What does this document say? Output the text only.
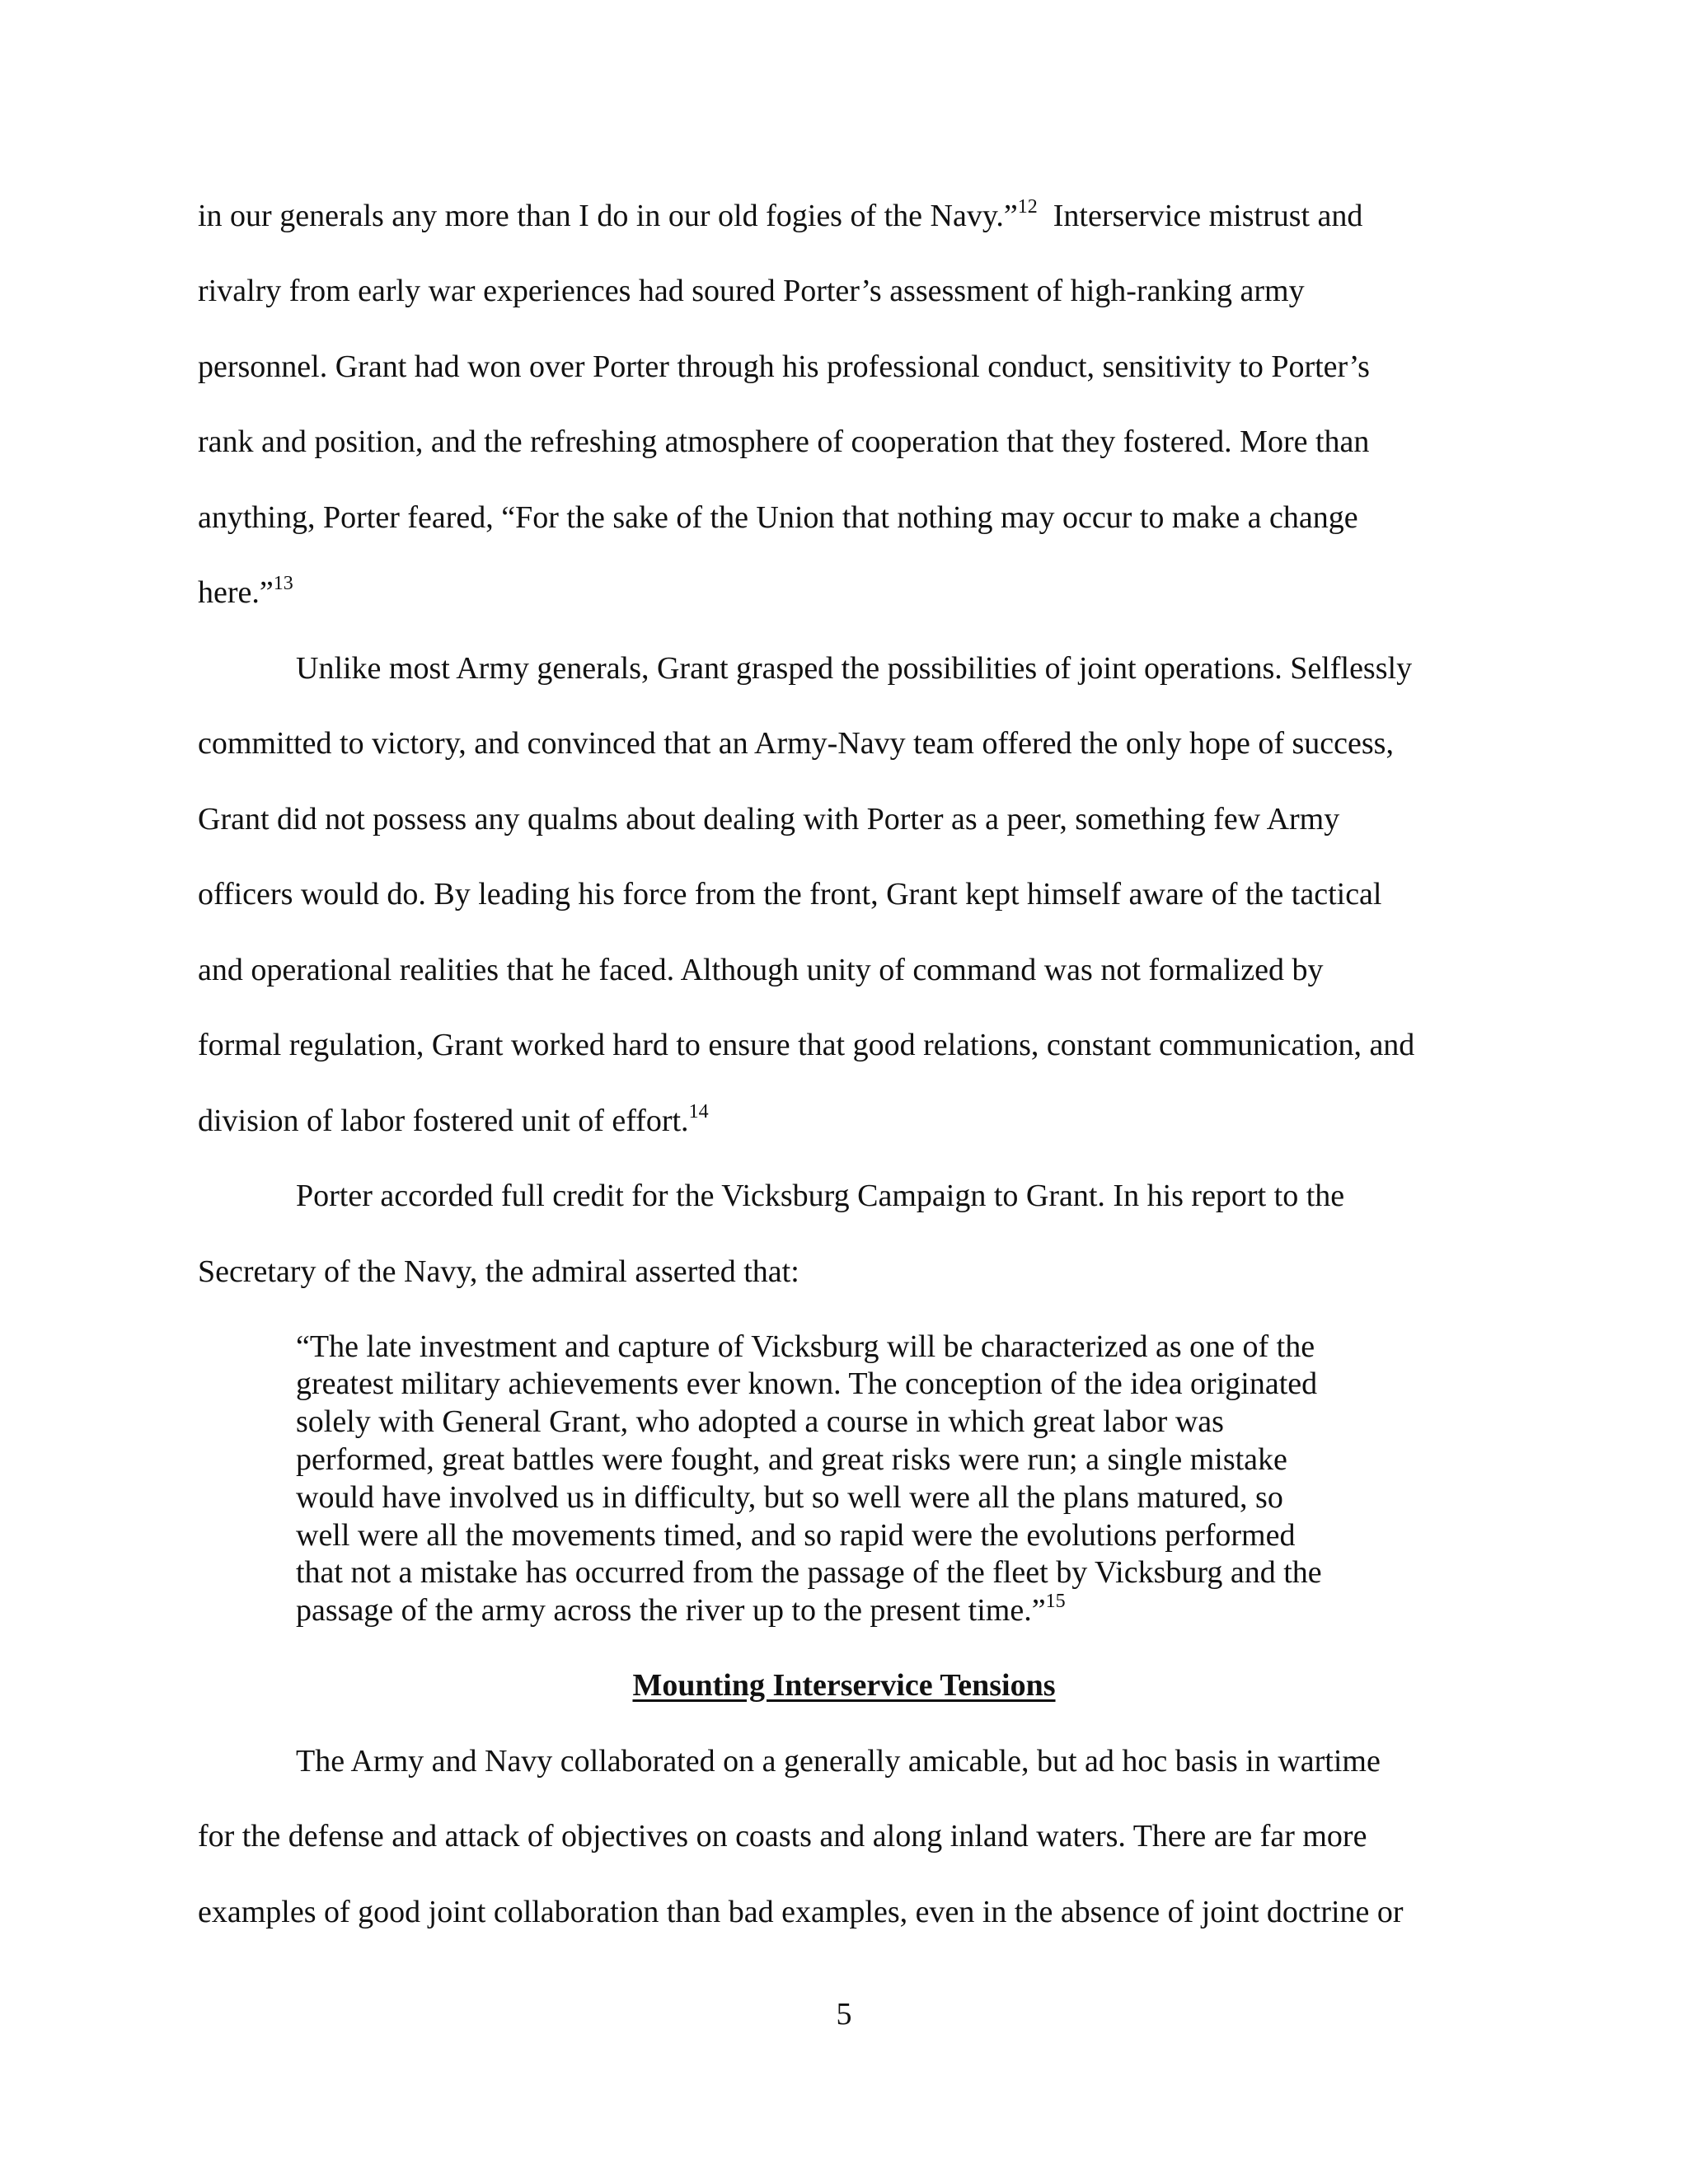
in our generals any more than I do in our old fogies of the Navy.”$^{12}$  Interservice mistrust and
rivalry from early war experiences had soured Porter’s assessment of high-ranking army
personnel. Grant had won over Porter through his professional conduct, sensitivity to Porter’s
rank and position, and the refreshing atmosphere of cooperation that they fostered. More than
anything, Porter feared, “For the sake of the Union that nothing may occur to make a change
here.”$^{13}$
Unlike most Army generals, Grant grasped the possibilities of joint operations. Selflessly
committed to victory, and convinced that an Army-Navy team offered the only hope of success,
Grant did not possess any qualms about dealing with Porter as a peer, something few Army
officers would do. By leading his force from the front, Grant kept himself aware of the tactical
and operational realities that he faced. Although unity of command was not formalized by
formal regulation, Grant worked hard to ensure that good relations, constant communication, and
division of labor fostered unit of effort.$^{14}$
Porter accorded full credit for the Vicksburg Campaign to Grant. In his report to the
Secretary of the Navy, the admiral asserted that:
“The late investment and capture of Vicksburg will be characterized as one of the
greatest military achievements ever known. The conception of the idea originated
solely with General Grant, who adopted a course in which great labor was
performed, great battles were fought, and great risks were run; a single mistake
would have involved us in difficulty, but so well were all the plans matured, so
well were all the movements timed, and so rapid were the evolutions performed
that not a mistake has occurred from the passage of the fleet by Vicksburg and the
passage of the army across the river up to the present time.”$^{15}$
Mounting Interservice Tensions
The Army and Navy collaborated on a generally amicable, but ad hoc basis in wartime
for the defense and attack of objectives on coasts and along inland waters. There are far more
examples of good joint collaboration than bad examples, even in the absence of joint doctrine or
5
